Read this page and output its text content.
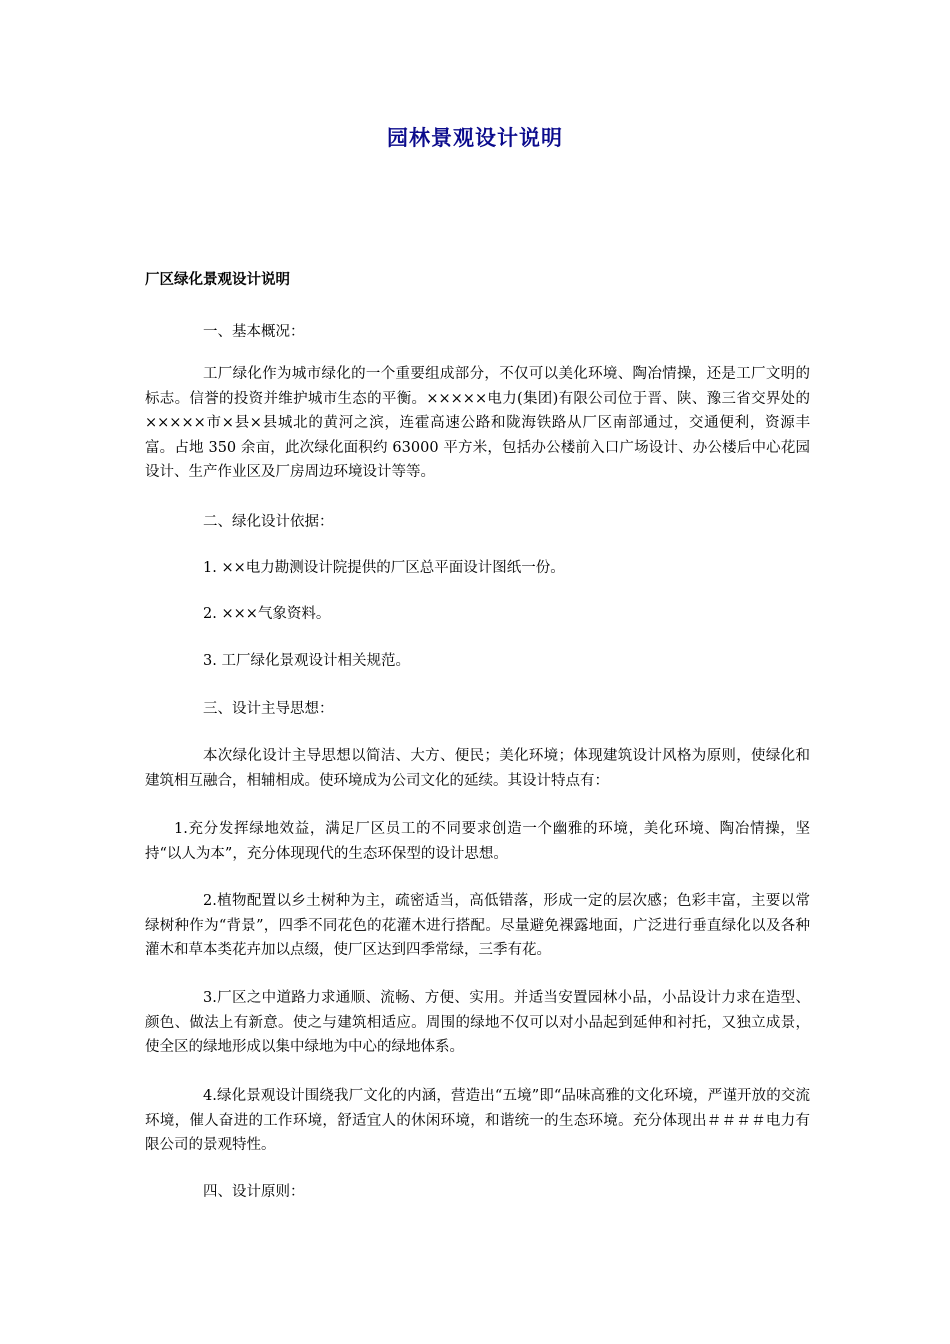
园林景观设计说明
厂区绿化景观设计说明
一、基本概况：

工厂绿化作为城市绿化的一个重要组成部分，不仅可以美化环境、陶冶情操，还是工厂文明的标志。信誉的投资并维护城市生态的平衡。×××××电力(集团)有限公司位于晋、陕、豫三省交界处的×××××市×县×县城北的黄河之滨，连霍高速公路和陇海铁路从厂区南部通过，交通便利，资源丰富。占地 350 余亩，此次绿化面积约 63000 平方米，包括办公楼前入口广场设计、办公楼后中心花园设计、生产作业区及厂房周边环境设计等等。

二、绿化设计依据：
1. ××电力勘测设计院提供的厂区总平面设计图纸一份。
2. ×××气象资料。
3. 工厂绿化景观设计相关规范。
三、设计主导思想：

本次绿化设计主导思想以简洁、大方、便民；美化环境；体现建筑设计风格为原则，使绿化和建筑相互融合，相辅相成。使环境成为公司文化的延续。其设计特点有：

1.充分发挥绿地效益，满足厂区员工的不同要求创造一个幽雅的环境，美化环境、陶冶情操，坚持“以人为本”，充分体现现代的生态环保型的设计思想。

2.植物配置以乡土树种为主，疏密适当，高低错落，形成一定的层次感；色彩丰富，主要以常绿树种作为“背景”，四季不同花色的花灌木进行搭配。尽量避免裸露地面，广泛进行垂直绿化以及各种灌木和草本类花卉加以点缀，使厂区达到四季常绿，三季有花。

3.厂区之中道路力求通顺、流畅、方便、实用。并适当安置园林小品，小品设计力求在造型、颜色、做法上有新意。使之与建筑相适应。周围的绿地不仅可以对小品起到延伸和衬托，又独立成景，使全区的绿地形成以集中绿地为中心的绿地体系。

4.绿化景观设计围绕我厂文化的内涵，营造出“五境”即“品味高雅的文化环境，严谨开放的交流环境，催人奋进的工作环境，舒适宜人的休闲环境，和谐统一的生态环境。充分体现出＃＃＃＃电力有限公司的景观特性。

四、设计原则：
